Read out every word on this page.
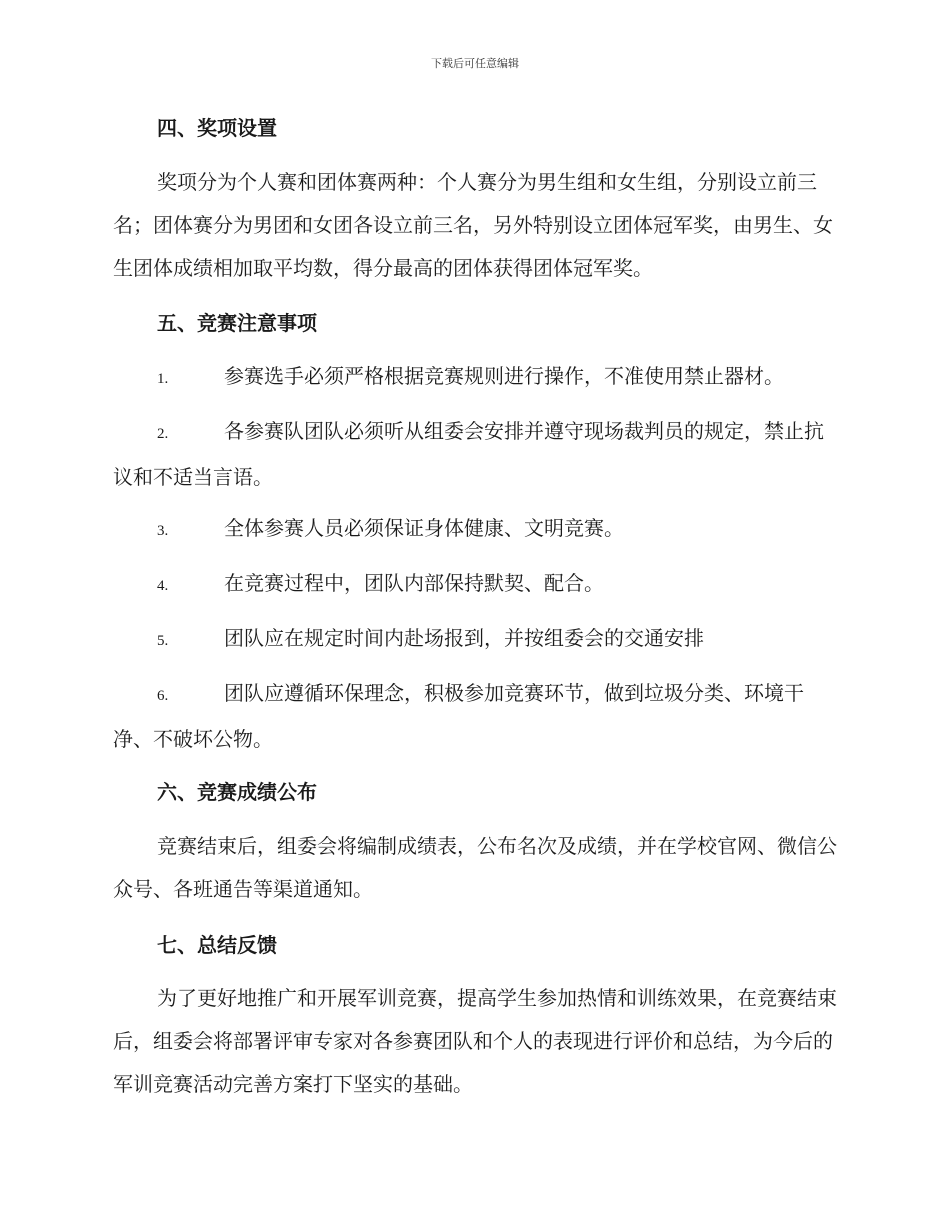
下载后可任意编辑
四、奖项设置
奖项分为个人赛和团体赛两种：个人赛分为男生组和女生组，分别设立前三名；团体赛分为男团和女团各设立前三名，另外特别设立团体冠军奖，由男生、女生团体成绩相加取平均数，得分最高的团体获得团体冠军奖。
五、竞赛注意事项
1.	参赛选手必须严格根据竞赛规则进行操作，不准使用禁止器材。
2.	各参赛队团队必须听从组委会安排并遵守现场裁判员的规定，禁止抗议和不适当言语。
3.	全体参赛人员必须保证身体健康、文明竞赛。
4.	在竞赛过程中，团队内部保持默契、配合。
5.	团队应在规定时间内赴场报到，并按组委会的交通安排
6.	团队应遵循环保理念，积极参加竞赛环节，做到垃圾分类、环境干净、不破坏公物。
六、竞赛成绩公布
竞赛结束后，组委会将编制成绩表，公布名次及成绩，并在学校官网、微信公众号、各班通告等渠道通知。
七、总结反馈
为了更好地推广和开展军训竞赛，提高学生参加热情和训练效果，在竞赛结束后，组委会将部署评审专家对各参赛团队和个人的表现进行评价和总结，为今后的军训竞赛活动完善方案打下坚实的基础。
